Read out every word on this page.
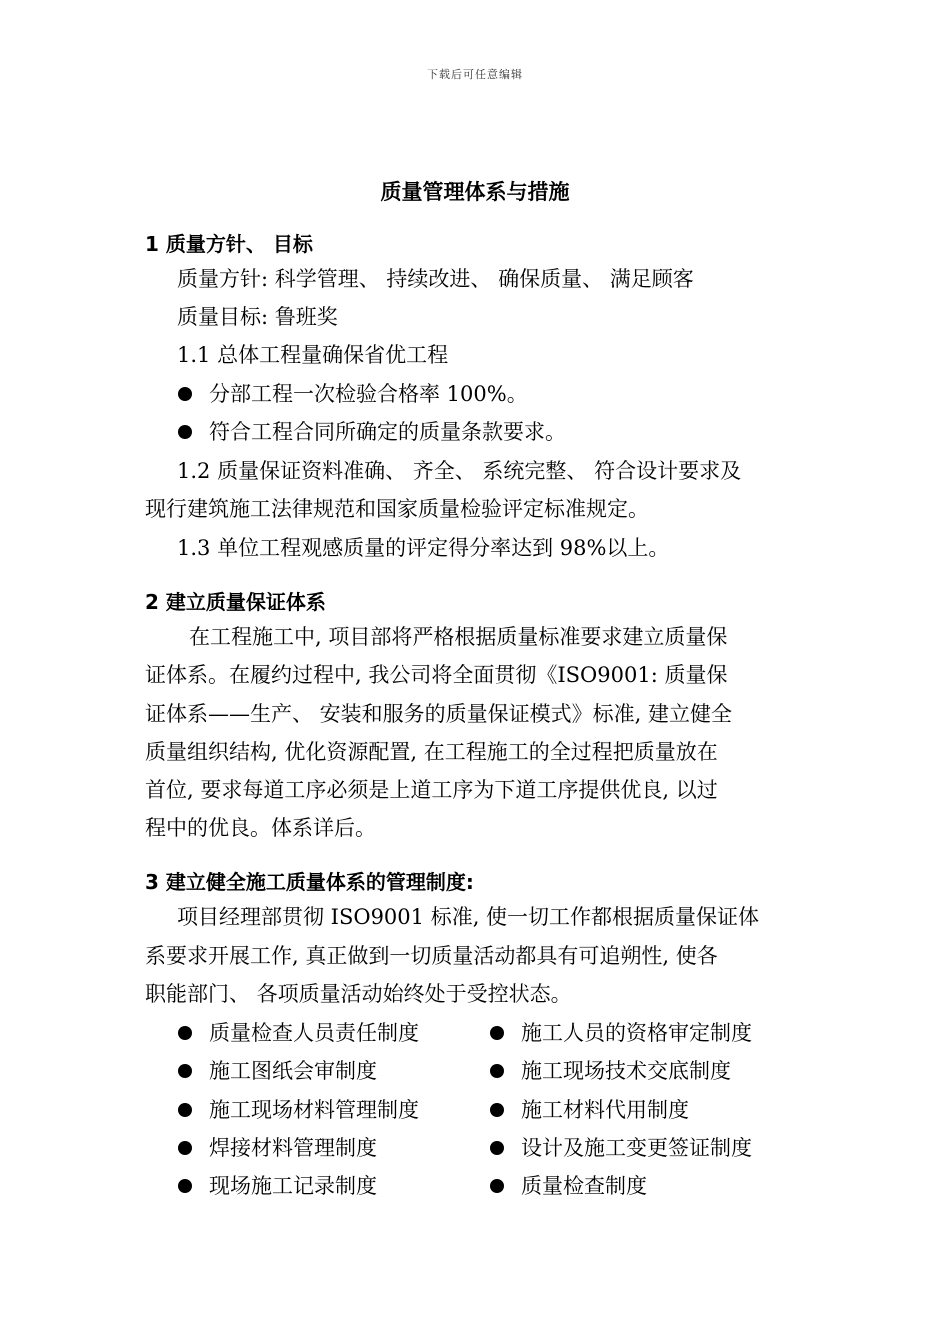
下载后可任意编辑
质量管理体系与措施
1 质量方针、 目标
质量方针: 科学管理、 持续改进、 确保质量、 满足顾客
质量目标: 鲁班奖
1.1 总体工程量确保省优工程
分部工程一次检验合格率 100%。
符合工程合同所确定的质量条款要求。
1.2 质量保证资料准确、 齐全、 系统完整、 符合设计要求及
现行建筑施工法律规范和国家质量检验评定标准规定。
1.3 单位工程观感质量的评定得分率达到 98%以上。
2 建立质量保证体系
在工程施工中, 项目部将严格根据质量标准要求建立质量保
证体系。在履约过程中, 我公司将全面贯彻《ISO9001: 质量保
证体系——生产、 安装和服务的质量保证模式》标准, 建立健全
质量组织结构, 优化资源配置, 在工程施工的全过程把质量放在
首位, 要求每道工序必须是上道工序为下道工序提供优良, 以过
程中的优良。体系详后。
3 建立健全施工质量体系的管理制度:
项目经理部贯彻 ISO9001 标准, 使一切工作都根据质量保证体
系要求开展工作, 真正做到一切质量活动都具有可追朔性, 使各
职能部门、 各项质量活动始终处于受控状态。
质量检查人员责任制度
施工图纸会审制度
施工现场材料管理制度
焊接材料管理制度
现场施工记录制度
施工人员的资格审定制度
施工现场技术交底制度
施工材料代用制度
设计及施工变更签证制度
质量检查制度
